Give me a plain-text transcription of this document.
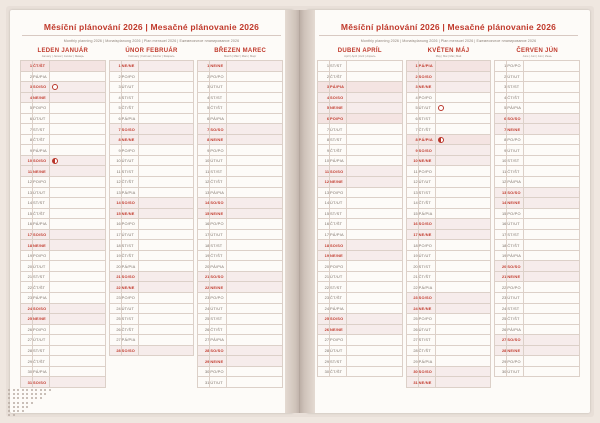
Měsíční plánování 2026 | Mesačné plánovanie 2026
Monthly planning 2026 | Monatsplanung 2026 | Plan mensuel 2026 | Ежемесячное планирование 2026
LEDEN JANUÁR
January | Januar | Janvier | Январь
1	ČT/ŠT	
2	PÁ/PIA	
3	SO/SO	
4	NE/NE	
5	PO/PO	
6	ÚT/UT	
7	ST/ST	
8	ČT/ŠT	
9	PÁ/PIA	
10	SO/SO	
11	NE/NE	
12	PO/PO	
13	ÚT/UT	
14	ST/ST	
15	ČT/ŠT	
16	PÁ/PIA	
17	SO/SO	
18	NE/NE	
19	PO/PO	
20	ÚT/UT	
21	ST/ST	
22	ČT/ŠT	
23	PÁ/PIA	
24	SO/SO	
25	NE/NE	
26	PO/PO	
27	ÚT/UT	
28	ST/ST	
29	ČT/ŠT	
30	PÁ/PIA	
31	SO/SO	
ÚNOR FEBRUÁR
February | Februar | Février | Февраль
1	NE/NE	
2	PO/PO	
3	ÚT/UT	
4	ST/ST	
5	ČT/ŠT	
6	PÁ/PIA	
7	SO/SO	
8	NE/NE	
9	PO/PO	
10	ÚT/UT	
11	ST/ST	
12	ČT/ŠT	
13	PÁ/PIA	
14	SO/SO	
15	NE/NE	
16	PO/PO	
17	ÚT/UT	
18	ST/ST	
19	ČT/ŠT	
20	PÁ/PIA	
21	SO/SO	
22	NE/NE	
23	PO/PO	
24	ÚT/UT	
25	ST/ST	
26	ČT/ŠT	
27	PÁ/PIA	
28	SO/SO	
BŘEZEN MAREC
March | März | Mars | Март
1	NE/NE	
2	PO/PO	
3	ÚT/UT	
4	ST/ST	
5	ČT/ŠT	
6	PÁ/PIA	
7	SO/SO	
8	NE/NE	
9	PO/PO	
10	ÚT/UT	
11	ST/ST	
12	ČT/ŠT	
13	PÁ/PIA	
14	SO/SO	
15	NE/NE	
16	PO/PO	
17	ÚT/UT	
18	ST/ST	
19	ČT/ŠT	
20	PÁ/PIA	
21	SO/SO	
22	NE/NE	
23	PO/PO	
24	ÚT/UT	
25	ST/ST	
26	ČT/ŠT	
27	PÁ/PIA	
28	SO/SO	
29	NE/NE	
30	PO/PO	
31	ÚT/UT	
Měsíční plánování 2026 | Mesačné plánovanie 2026
Monthly planning 2026 | Monatsplanung 2026 | Plan mensuel 2026 | Ежемесячное планирование 2026
DUBEN APRÍL
April | April | Avril | Апрель
1	ST/ST	
2	ČT/ŠT	
3	PÁ/PIA	
4	SO/SO	
5	NE/NE	
6	PO/PO	
7	ÚT/UT	
8	ST/ST	
9	ČT/ŠT	
10	PÁ/PIA	
11	SO/SO	
12	NE/NE	
13	PO/PO	
14	ÚT/UT	
15	ST/ST	
16	ČT/ŠT	
17	PÁ/PIA	
18	SO/SO	
19	NE/NE	
20	PO/PO	
21	ÚT/UT	
22	ST/ST	
23	ČT/ŠT	
24	PÁ/PIA	
25	SO/SO	
26	NE/NE	
27	PO/PO	
28	ÚT/UT	
29	ST/ST	
30	ČT/ŠT	
KVĚTEN MÁJ
May | Mai | Mai | Май
1	PÁ/PIA	
2	SO/SO	
3	NE/NE	
4	PO/PO	
5	ÚT/UT	
6	ST/ST	
7	ČT/ŠT	
8	PÁ/PIA	
9	SO/SO	
10	NE/NE	
11	PO/PO	
12	ÚT/UT	
13	ST/ST	
14	ČT/ŠT	
15	PÁ/PIA	
16	SO/SO	
17	NE/NE	
18	PO/PO	
19	ÚT/UT	
20	ST/ST	
21	ČT/ŠT	
22	PÁ/PIA	
23	SO/SO	
24	NE/NE	
25	PO/PO	
26	ÚT/UT	
27	ST/ST	
28	ČT/ŠT	
29	PÁ/PIA	
30	SO/SO	
31	NE/NE	
ČERVEN JÚN
June | Juni | Juin | Июнь
1	PO/PO	
2	ÚT/UT	
3	ST/ST	
4	ČT/ŠT	
5	PÁ/PIA	
6	SO/SO	
7	NE/NE	
8	PO/PO	
9	ÚT/UT	
10	ST/ST	
11	ČT/ŠT	
12	PÁ/PIA	
13	SO/SO	
14	NE/NE	
15	PO/PO	
16	ÚT/UT	
17	ST/ST	
18	ČT/ŠT	
19	PÁ/PIA	
20	SO/SO	
21	NE/NE	
22	PO/PO	
23	ÚT/UT	
24	ST/ST	
25	ČT/ŠT	
26	PÁ/PIA	
27	SO/SO	
28	NE/NE	
29	PO/PO	
30	ÚT/UT	
